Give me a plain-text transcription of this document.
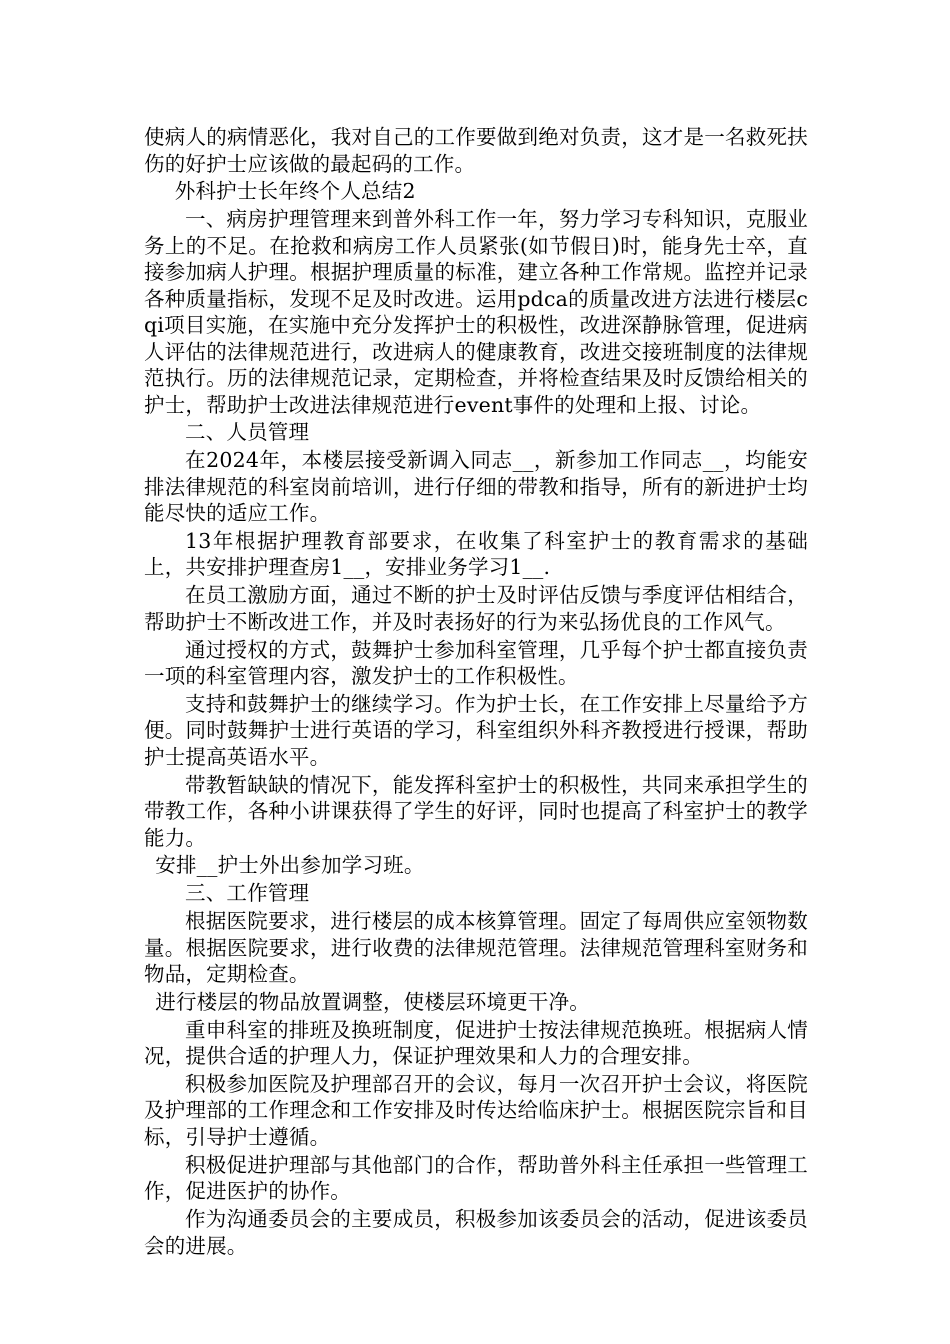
使病人的病情恶化，我对自己的工作要做到绝对负责，这才是一名救死扶伤的好护士应该做的最起码的工作。

外科护士长年终个人总结2

一、病房护理管理来到普外科工作一年，努力学习专科知识，克服业务上的不足。在抢救和病房工作人员紧张(如节假日)时，能身先士卒，直接参加病人护理。根据护理质量的标准，建立各种工作常规。监控并记录各种质量指标，发现不足及时改进。运用pdca的质量改进方法进行楼层cqi项目实施，在实施中充分发挥护士的积极性，改进深静脉管理，促进病人评估的法律规范进行，改进病人的健康教育，改进交接班制度的法律规范执行。历的法律规范记录，定期检查，并将检查结果及时反馈给相关的护士，帮助护士改进法律规范进行event事件的处理和上报、讨论。

二、人员管理

在2024年，本楼层接受新调入同志__，新参加工作同志__，均能安排法律规范的科室岗前培训，进行仔细的带教和指导，所有的新进护士均能尽快的适应工作。

13年根据护理教育部要求，在收集了科室护士的教育需求的基础上，共安排护理查房1__，安排业务学习1__.

在员工激励方面，通过不断的护士及时评估反馈与季度评估相结合，帮助护士不断改进工作，并及时表扬好的行为来弘扬优良的工作风气。

通过授权的方式，鼓舞护士参加科室管理，几乎每个护士都直接负责一项的科室管理内容，激发护士的工作积极性。

支持和鼓舞护士的继续学习。作为护士长，在工作安排上尽量给予方便。同时鼓舞护士进行英语的学习，科室组织外科齐教授进行授课，帮助护士提高英语水平。

带教暂缺缺的情况下，能发挥科室护士的积极性，共同来承担学生的带教工作，各种小讲课获得了学生的好评，同时也提高了科室护士的教学能力。

安排__护士外出参加学习班。

三、工作管理

根据医院要求，进行楼层的成本核算管理。固定了每周供应室领物数量。根据医院要求，进行收费的法律规范管理。法律规范管理科室财务和物品，定期检查。

进行楼层的物品放置调整，使楼层环境更干净。

重申科室的排班及换班制度，促进护士按法律规范换班。根据病人情况，提供合适的护理人力，保证护理效果和人力的合理安排。

积极参加医院及护理部召开的会议，每月一次召开护士会议，将医院及护理部的工作理念和工作安排及时传达给临床护士。根据医院宗旨和目标，引导护士遵循。

积极促进护理部与其他部门的合作，帮助普外科主任承担一些管理工作，促进医护的协作。

作为沟通委员会的主要成员，积极参加该委员会的活动，促进该委员会的进展。
